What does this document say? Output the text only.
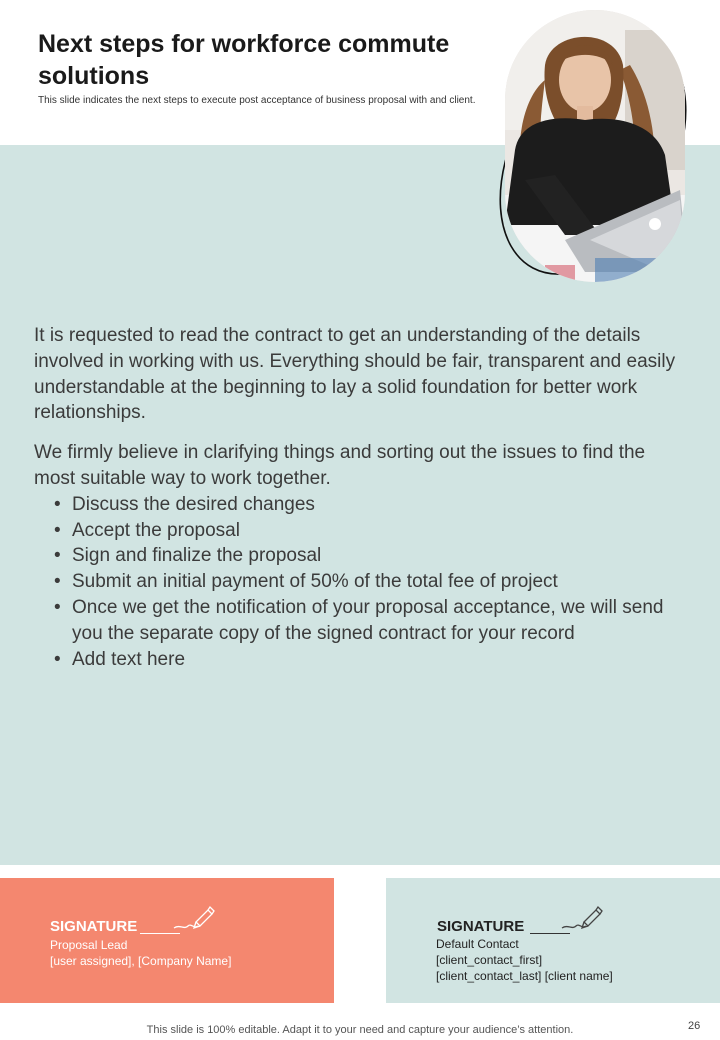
Next steps for workforce commute solutions

This slide indicates the next steps to execute post acceptance of business proposal with and client.

It is requested to read the contract to get an understanding of the details involved in working with us. Everything should be fair, transparent and easily understandable at the beginning to lay a solid foundation for better work relationships.

We firmly believe in clarifying things and sorting out the issues to find the most suitable way to work together.

• Discuss the desired changes
• Accept the proposal
• Sign and finalize the proposal
• Submit an initial payment of 50% of the total fee of project
• Once we get the notification of your proposal acceptance, we will send you the separate copy of the signed contract for your record
• Add text here
SIGNATURE
Proposal Lead
[user assigned], [Company Name]
SIGNATURE
Default Contact
[client_contact_first]
[client_contact_last] [client name]

This slide is 100% editable. Adapt it to your need and capture your audience’s attention.	26
